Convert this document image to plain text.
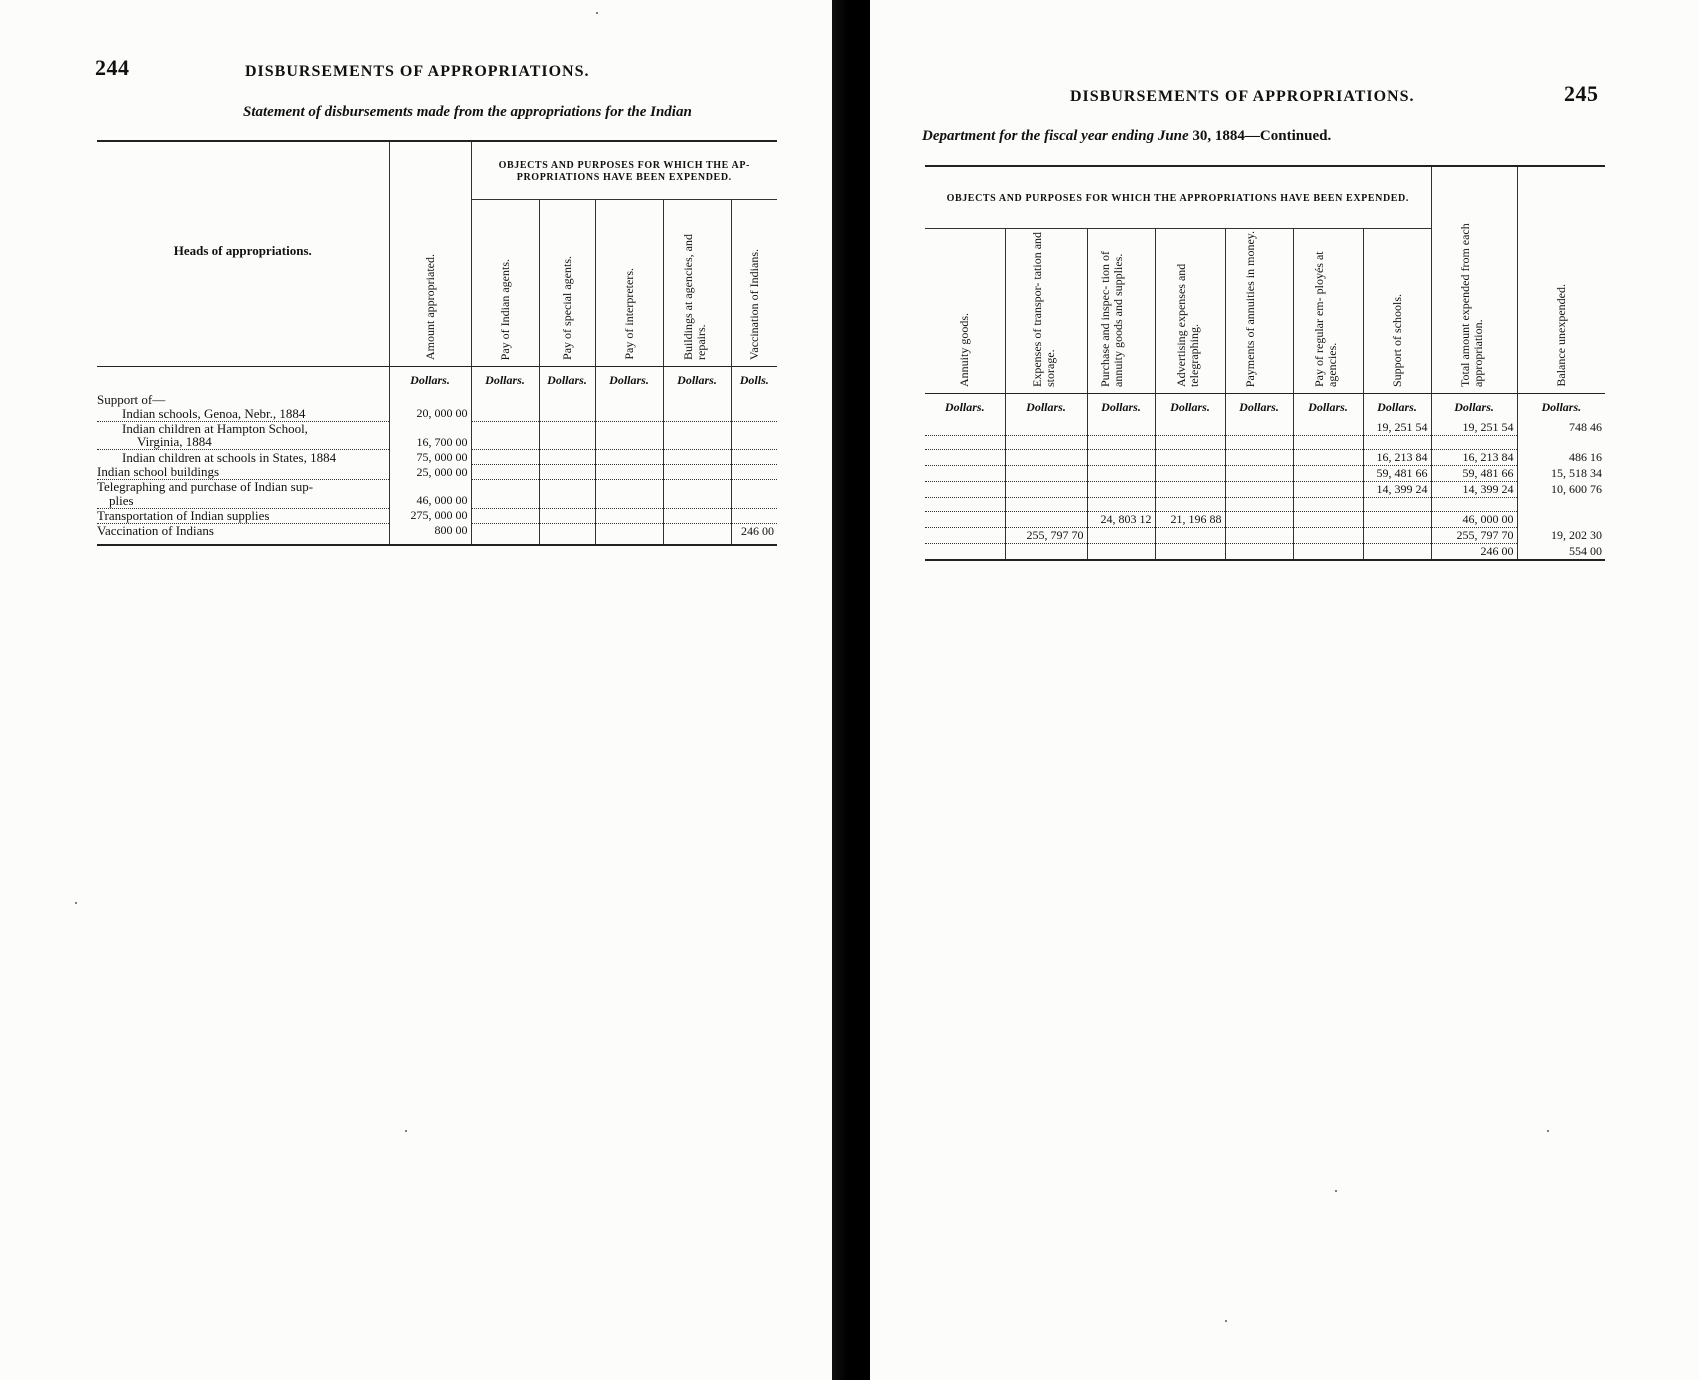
244	DISBURSEMENTS OF APPROPRIATIONS.
Statement of disbursements made from the appropriations for the Indian
Heads of appropriations.	Amount appropriated.	OBJECTS AND PURPOSES FOR WHICH THE AP- PROPRIATIONS HAVE BEEN EXPENDED.				

		Pay of Indian agents.	Pay of special agents.	Pay of interpreters.	Buildings at agencies, and repairs.	Vaccination of Indians.

	Dollars.	Dollars.	Dollars.	Dollars.	Dollars.	Dolls.
Support of—						
Indian schools, Genoa, Nebr., 1884	20, 000 00					
Indian children at Hampton School,						
Virginia, 1884	16, 700 00					
Indian children at schools in States, 1884	75, 000 00					
Indian school buildings	25, 000 00					
Telegraphing and purchase of Indian sup-						
plies	46, 000 00					
Transportation of Indian supplies	275, 000 00					
Vaccination of Indians	800 00					246 00
DISBURSEMENTS OF APPROPRIATIONS.	245
Department for the fiscal year ending June 30, 1884—Continued.
OBJECTS AND PURPOSES FOR WHICH THE APPROPRIATIONS HAVE BEEN EXPENDED.							Total amount expended from each appropriation.	Balance unexpended.

Annuity goods.	Expenses of transpor- tation and storage.	Purchase and inspec- tion of annuity goods and supplies.	Advertising expenses and telegraphing.	Payments of annuities in money.	Pay of regular em- ployés at agencies.	Support of schools.		

Dollars.	Dollars.	Dollars.	Dollars.	Dollars.	Dollars.	Dollars.	Dollars.	Dollars.
						19, 251 54	19, 251 54	748 46

						16, 213 84	16, 213 84	486 16
						59, 481 66	59, 481 66	15, 518 34
						14, 399 24	14, 399 24	10, 600 76

		24, 803 12	21, 196 88				46, 000 00	
	255, 797 70						255, 797 70	19, 202 30
							246 00	554 00
